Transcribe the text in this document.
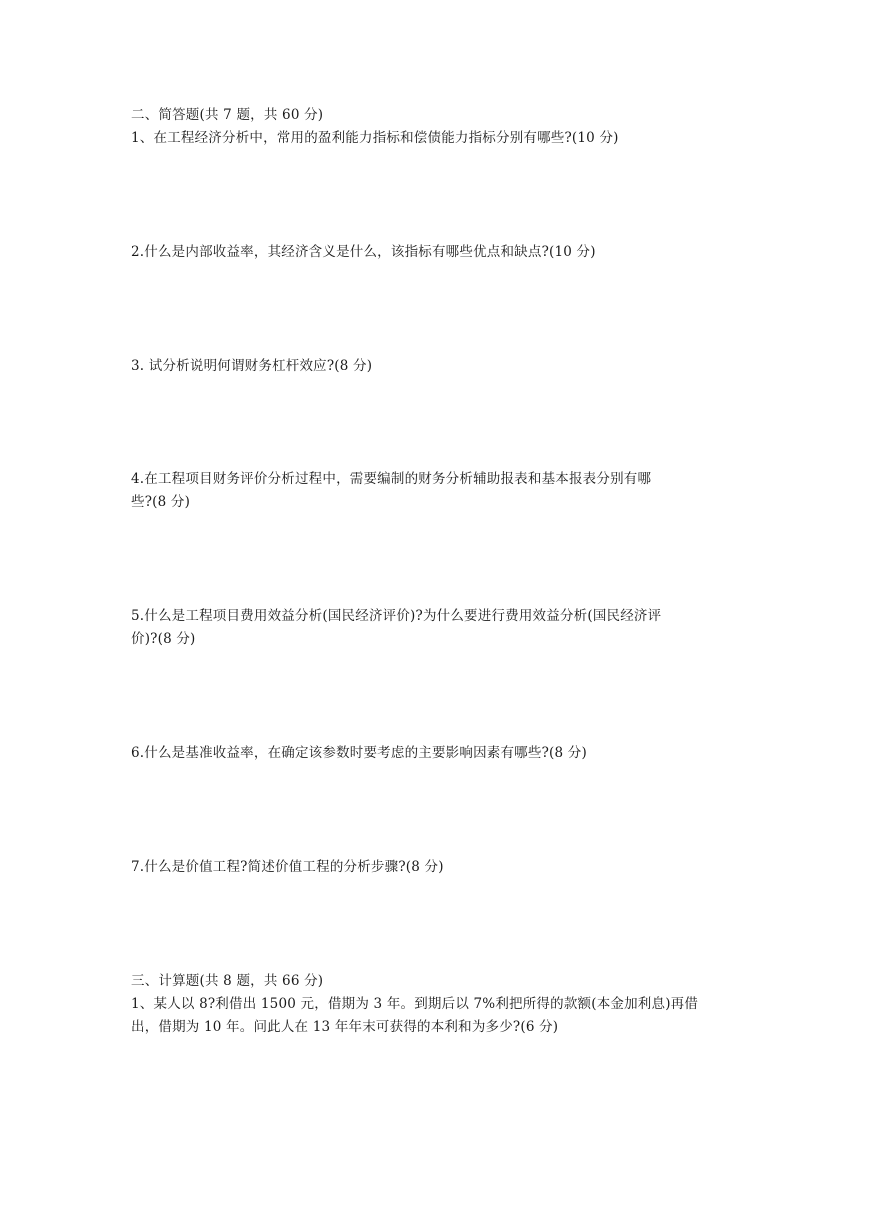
二、简答题(共 7 题，共 60 分)
1、在工程经济分析中，常用的盈利能力指标和偿债能力指标分别有哪些?(10 分)
2.什么是内部收益率，其经济含义是什么，该指标有哪些优点和缺点?(10 分)
3. 试分析说明何谓财务杠杆效应?(8 分)
4.在工程项目财务评价分析过程中，需要编制的财务分析辅助报表和基本报表分别有哪
些?(8 分)
5.什么是工程项目费用效益分析(国民经济评价)?为什么要进行费用效益分析(国民经济评
价)?(8 分)
6.什么是基准收益率，在确定该参数时要考虑的主要影响因素有哪些?(8 分)
7.什么是价值工程?简述价值工程的分析步骤?(8 分)
三、计算题(共 8 题，共 66 分)
1、某人以 8?利借出 1500 元，借期为 3 年。到期后以 7%利把所得的款额(本金加利息)再借
出，借期为 10 年。问此人在 13 年年末可获得的本利和为多少?(6 分)
